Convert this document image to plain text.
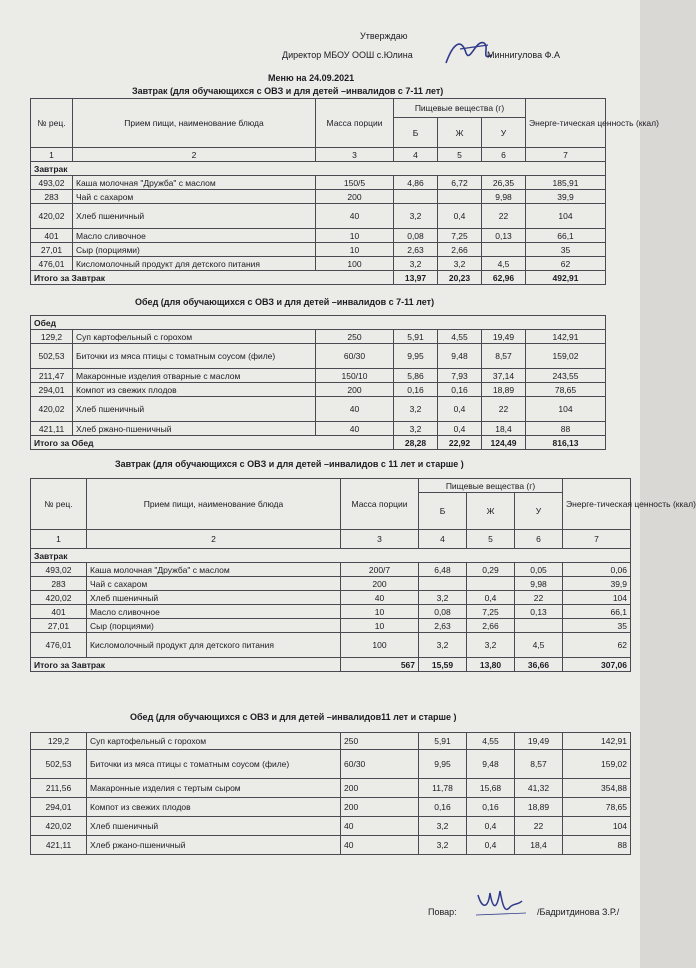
Утверждаю
Директор МБОУ ООШ с.Юлина	Миннигулова Ф.А
Меню на 24.09.2021
Завтрак (для обучающихся с ОВЗ и для детей –инвалидов с 7-11 лет)
№ рец.	Прием пищи, наименование блюда	Масса порции	Пищевые вещества (г)			Энерге-тическая ценность (ккал)
			Б	Ж	У	
1	2	3	4	5	6	7
Завтрак						
493,02	Каша молочная "Дружба" с маслом	150/5	4,86	6,72	26,35	185,91
283	Чай с сахаром	200			9,98	39,9
420,02	Хлеб пшеничный	40	3,2	0,4	22	104
401	Масло сливочное	10	0,08	7,25	0,13	66,1
27,01	Сыр (порциями)	10	2,63	2,66		35
476,01	Кисломолочный продукт для детского питания	100	3,2	3,2	4,5	62
Итого за Завтрак			13,97	20,23	62,96	492,91
Обед (для обучающихся с ОВЗ и для детей –инвалидов с 7-11 лет)
Обед						
129,2	Суп картофельный с горохом	250	5,91	4,55	19,49	142,91
502,53	Биточки из мяса птицы с томатным соусом (филе)	60/30	9,95	9,48	8,57	159,02
211,47	Макаронные изделия отварные с маслом	150/10	5,86	7,93	37,14	243,55
294,01	Компот из свежих плодов	200	0,16	0,16	18,89	78,65
420,02	Хлеб пшеничный	40	3,2	0,4	22	104
421,11	Хлеб ржано-пшеничный	40	3,2	0,4	18,4	88
Итого за Обед			28,28	22,92	124,49	816,13
Завтрак (для обучающихся с ОВЗ и для детей –инвалидов с 11 лет и старше )
№ рец.	Прием пищи, наименование блюда	Масса порции	Пищевые вещества (г)			Энерге-тическая ценность (ккал)
			Б	Ж	У	
1	2	3	4	5	6	7
Завтрак						
493,02	Каша молочная "Дружба" с маслом	200/7	6,48	0,29	0,05	0,06
283	Чай с сахаром	200			9,98	39,9
420,02	Хлеб пшеничный	40	3,2	0,4	22	104
401	Масло сливочное	10	0,08	7,25	0,13	66,1
27,01	Сыр (порциями)	10	2,63	2,66		35
476,01	Кисломолочный продукт для детского питания	100	3,2	3,2	4,5	62
Итого за Завтрак		567	15,59	13,80	36,66	307,06
Обед (для обучающихся с ОВЗ и для детей –инвалидов11 лет и старше )
129,2	Суп картофельный с горохом	250	5,91	4,55	19,49	142,91
502,53	Биточки из мяса птицы с томатным соусом (филе)	60/30	9,95	9,48	8,57	159,02
211,56	Макаронные изделия с тертым сыром	200	11,78	15,68	41,32	354,88
294,01	Компот из свежих плодов	200	0,16	0,16	18,89	78,65
420,02	Хлеб пшеничный	40	3,2	0,4	22	104
421,11	Хлеб ржано-пшеничный	40	3,2	0,4	18,4	88
Повар:	/Бадритдинова З.Р./
